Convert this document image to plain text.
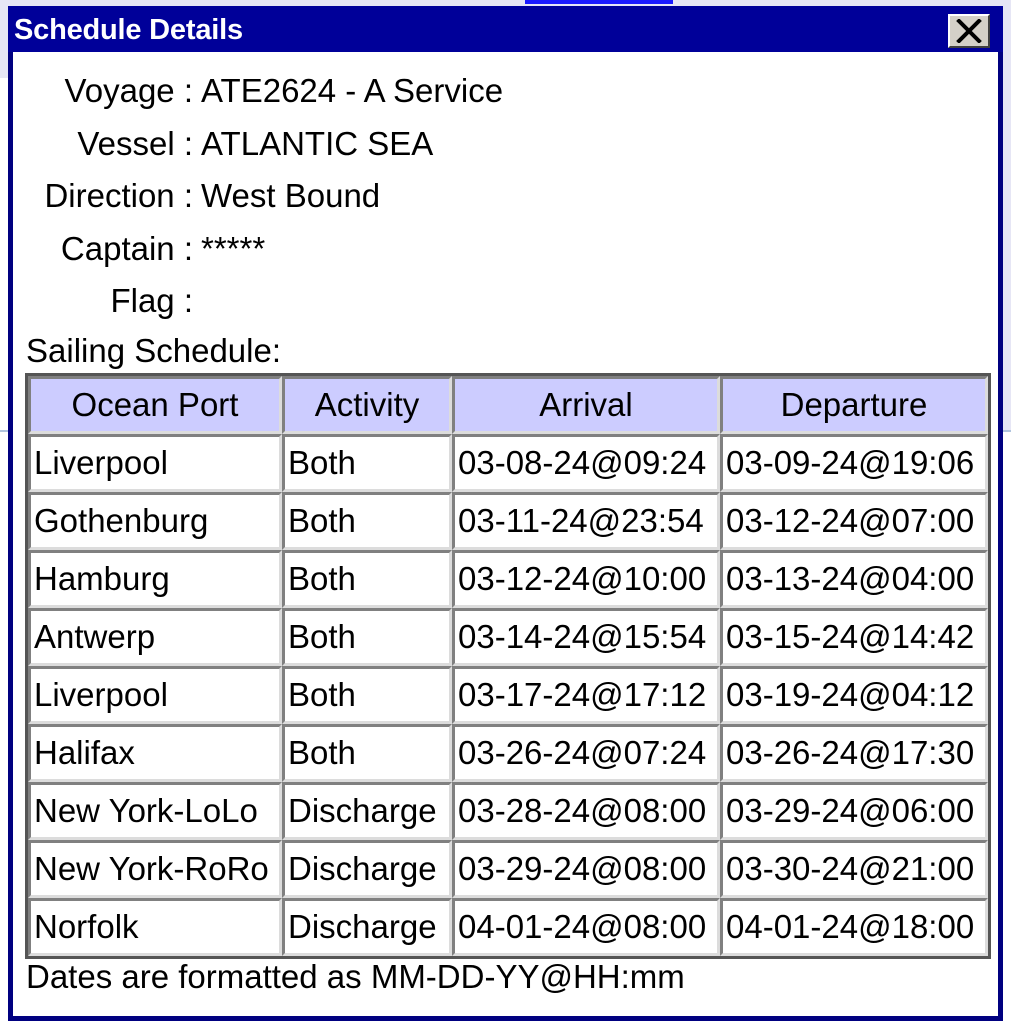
Schedule Details
Voyage : ATE2624 - A Service
Vessel : ATLANTIC SEA
Direction : West Bound
Captain : *****
Flag :
Sailing Schedule:
Ocean Port	Activity	Arrival	Departure
Liverpool	Both	03-08-24@09:24	03-09-24@19:06
Gothenburg	Both	03-11-24@23:54	03-12-24@07:00
Hamburg	Both	03-12-24@10:00	03-13-24@04:00
Antwerp	Both	03-14-24@15:54	03-15-24@14:42
Liverpool	Both	03-17-24@17:12	03-19-24@04:12
Halifax	Both	03-26-24@07:24	03-26-24@17:30
New York-LoLo	Discharge	03-28-24@08:00	03-29-24@06:00
New York-RoRo	Discharge	03-29-24@08:00	03-30-24@21:00
Norfolk	Discharge	04-01-24@08:00	04-01-24@18:00
Dates are formatted as MM-DD-YY@HH:mm
